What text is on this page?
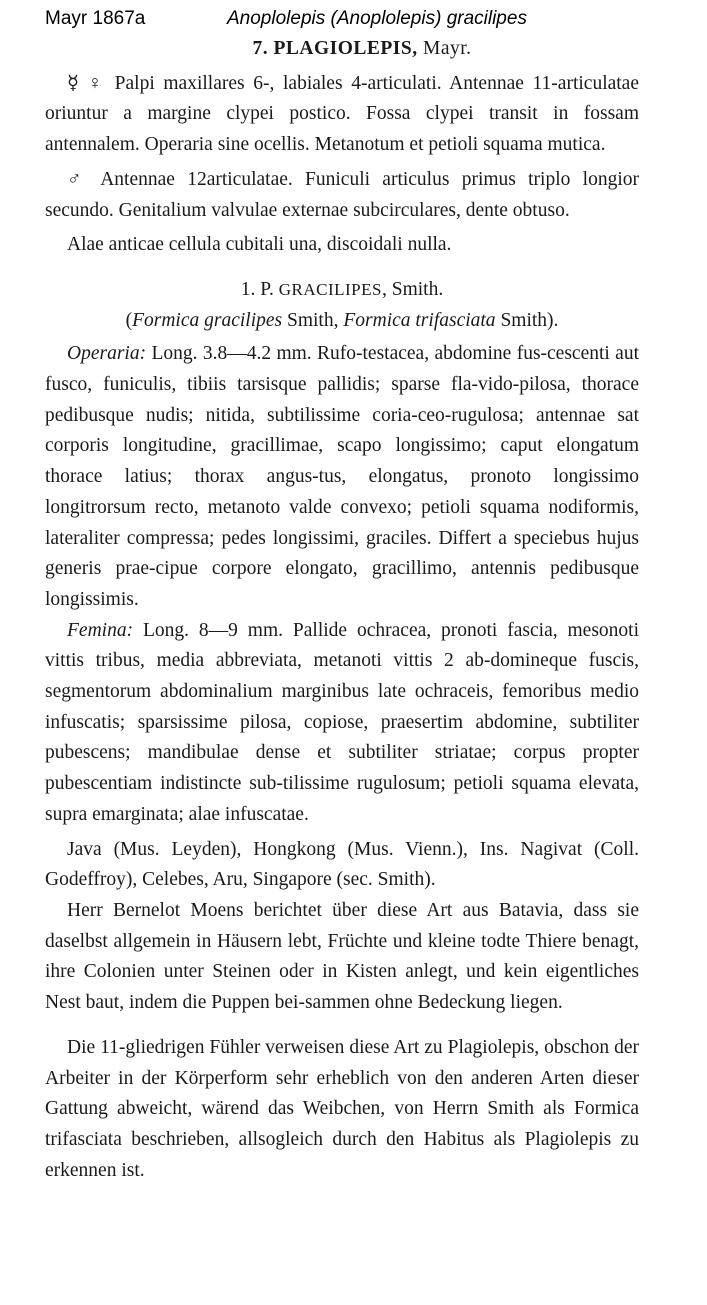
Mayr 1867a	Anoplolepis (Anoplolepis) gracilipes
7. PLAGIOLEPIS, Mayr.

☿ ♀ Palpi maxillares 6-, labiales 4-articulati. Antennae 11-articulatae oriuntur a margine clypei postico. Fossa clypei transit in fossam antennalem. Operaria sine ocellis. Metanotum et petioli squama mutica.

♂ Antennae 12articulatae. Funiculi articulus primus triplo longior secundo. Genitalium valvulae externae subcirculares, dente obtuso.

Alae anticae cellula cubitali una, discoidali nulla.

1. P. GRACILIPES, Smith.
(Formica gracilipes Smith, Formica trifasciata Smith).

Operaria: Long. 3.8—4.2 mm. Rufo-testacea, abdomine fus-cescenti aut fusco, funiculis, tibiis tarsisque pallidis; sparse fla-vido-pilosa, thorace pedibusque nudis; nitida, subtilissime coria-ceo-rugulosa; antennae sat corporis longitudine, gracillimae, scapo longissimo; caput elongatum thorace latius; thorax angus-tus, elongatus, pronoto longissimo longitrorsum recto, metanoto valde convexo; petioli squama nodiformis, lateraliter compressa; pedes longissimi, graciles. Differt a speciebus hujus generis prae-cipue corpore elongato, gracillimo, antennis pedibusque longissimis.

Femina: Long. 8—9 mm. Pallide ochracea, pronoti fascia, mesonoti vittis tribus, media abbreviata, metanoti vittis 2 ab-domineque fuscis, segmentorum abdominalium marginibus late ochraceis, femoribus medio infuscatis; sparsissime pilosa, copiose, praesertim abdomine, subtiliter pubescens; mandibulae dense et subtiliter striatae; corpus propter pubescentiam indistincte sub-tilissime rugulosum; petioli squama elevata, supra emarginata; alae infuscatae.

Java (Mus. Leyden), Hongkong (Mus. Vienn.), Ins. Nagivat (Coll. Godeffroy), Celebes, Aru, Singapore (sec. Smith).

Herr Bernelot Moens berichtet über diese Art aus Batavia, dass sie daselbst allgemein in Häusern lebt, Früchte und kleine todte Thiere benagt, ihre Colonien unter Steinen oder in Kisten anlegt, und kein eigentliches Nest baut, indem die Puppen bei-sammen ohne Bedeckung liegen.

Die 11-gliedrigen Fühler verweisen diese Art zu Plagiolepis, obschon der Arbeiter in der Körperform sehr erheblich von den anderen Arten dieser Gattung abweicht, wärend das Weibchen, von Herrn Smith als Formica trifasciata beschrieben, allsogleich durch den Habitus als Plagiolepis zu erkennen ist.
